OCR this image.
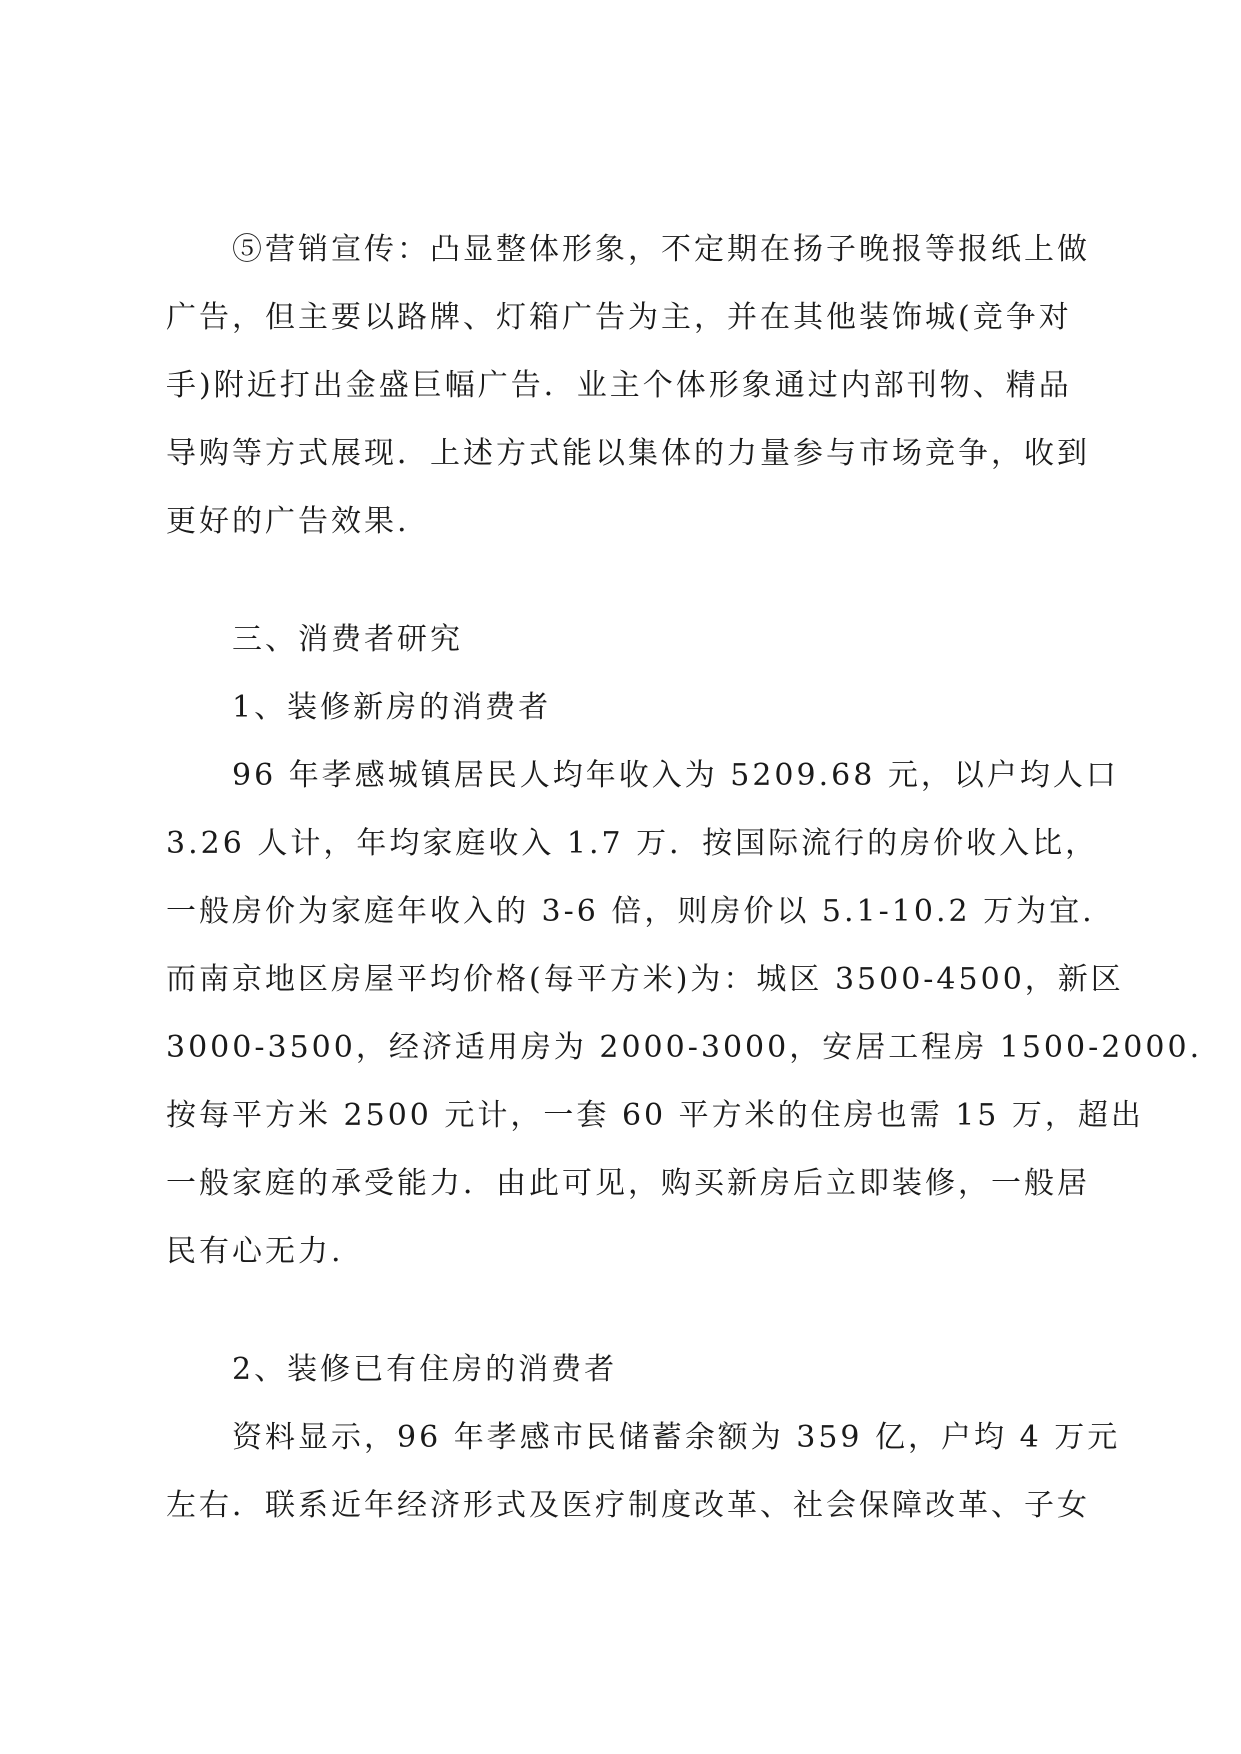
⑤营销宣传：凸显整体形象，不定期在扬子晚报等报纸上做
广告，但主要以路牌、灯箱广告为主，并在其他装饰城(竞争对
手)附近打出金盛巨幅广告．业主个体形象通过内部刊物、精品
导购等方式展现．上述方式能以集体的力量参与市场竞争，收到
更好的广告效果.
三、消费者研究
1、装修新房的消费者
96 年孝感城镇居民人均年收入为 5209.68 元，以户均人口
3.26 人计，年均家庭收入 1.7 万．按国际流行的房价收入比，
一般房价为家庭年收入的 3-6 倍，则房价以 5.1-10.2 万为宜.
而南京地区房屋平均价格(每平方米)为：城区 3500-4500，新区
3000-3500，经济适用房为 2000-3000，安居工程房 1500-2000.
按每平方米 2500 元计，一套 60 平方米的住房也需 15 万，超出
一般家庭的承受能力．由此可见，购买新房后立即装修，一般居
民有心无力.
2、装修已有住房的消费者
资料显示，96 年孝感市民储蓄余额为 359 亿，户均 4 万元
左右．联系近年经济形式及医疗制度改革、社会保障改革、子女
